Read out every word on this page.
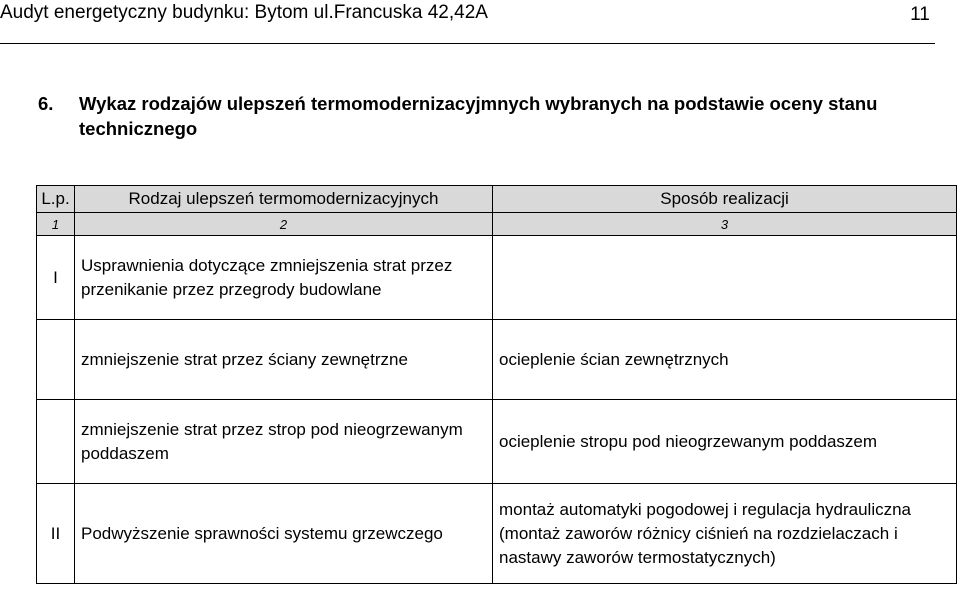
Audyt energetyczny budynku: Bytom ul.Francuska 42,42A	11
6. Wykaz rodzajów ulepszeń termomodernizacyjmnych wybranych na podstawie oceny stanu technicznego
L.p.	Rodzaj ulepszeń termomodernizacyjnych	Sposób realizacji
1	2	3
I	Usprawnienia dotyczące zmniejszenia strat przez przenikanie przez przegrody budowlane	
	zmniejszenie strat przez ściany zewnętrzne	ocieplenie ścian zewnętrznych
	zmniejszenie strat przez strop pod nieogrzewanym poddaszem	ocieplenie stropu pod nieogrzewanym poddaszem
II	Podwyższenie sprawności systemu grzewczego	montaż automatyki pogodowej i regulacja hydrauliczna (montaż zaworów różnicy ciśnień na rozdzielaczach i nastawy zaworów termostatycznych)
